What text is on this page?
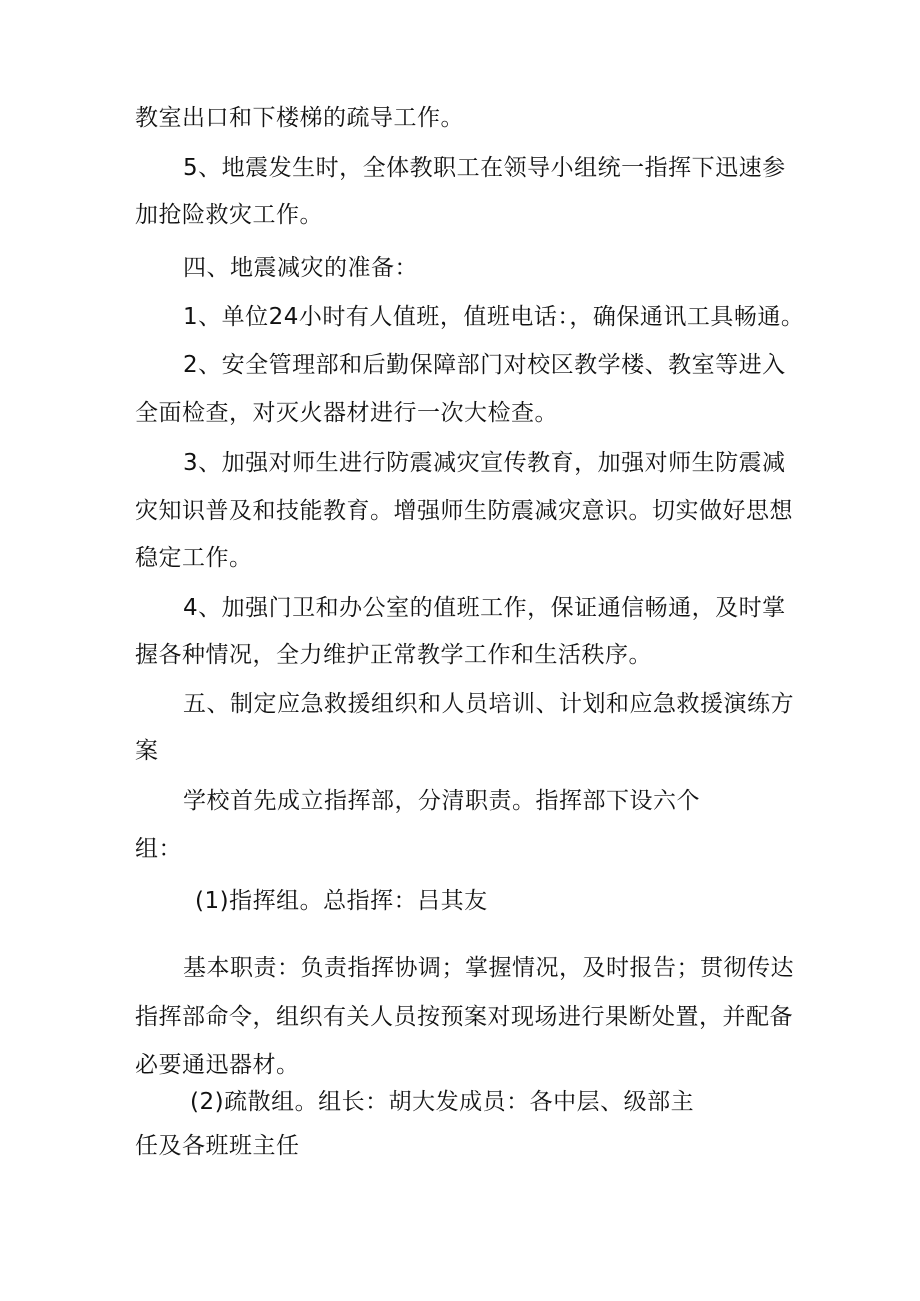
教室出口和下楼梯的疏导工作。
5、地震发生时，全体教职工在领导小组统一指挥下迅速参
加抢险救灾工作。
四、地震减灾的准备：
1、单位24小时有人值班，值班电话：，确保通讯工具畅通。
2、安全管理部和后勤保障部门对校区教学楼、教室等进入
全面检查，对灭火器材进行一次大检查。
3、加强对师生进行防震减灾宣传教育，加强对师生防震减
灾知识普及和技能教育。增强师生防震减灾意识。切实做好思想
稳定工作。
4、加强门卫和办公室的值班工作，保证通信畅通，及时掌
握各种情况，全力维护正常教学工作和生活秩序。
五、制定应急救援组织和人员培训、计划和应急救援演练方
案
学校首先成立指挥部，分清职责。指挥部下设六个
组：
(1)指挥组。总指挥：吕其友
基本职责：负责指挥协调；掌握情况，及时报告；贯彻传达
指挥部命令，组织有关人员按预案对现场进行果断处置，并配备
必要通迅器材。
(2)疏散组。组长：胡大发成员：各中层、级部主
任及各班班主任
